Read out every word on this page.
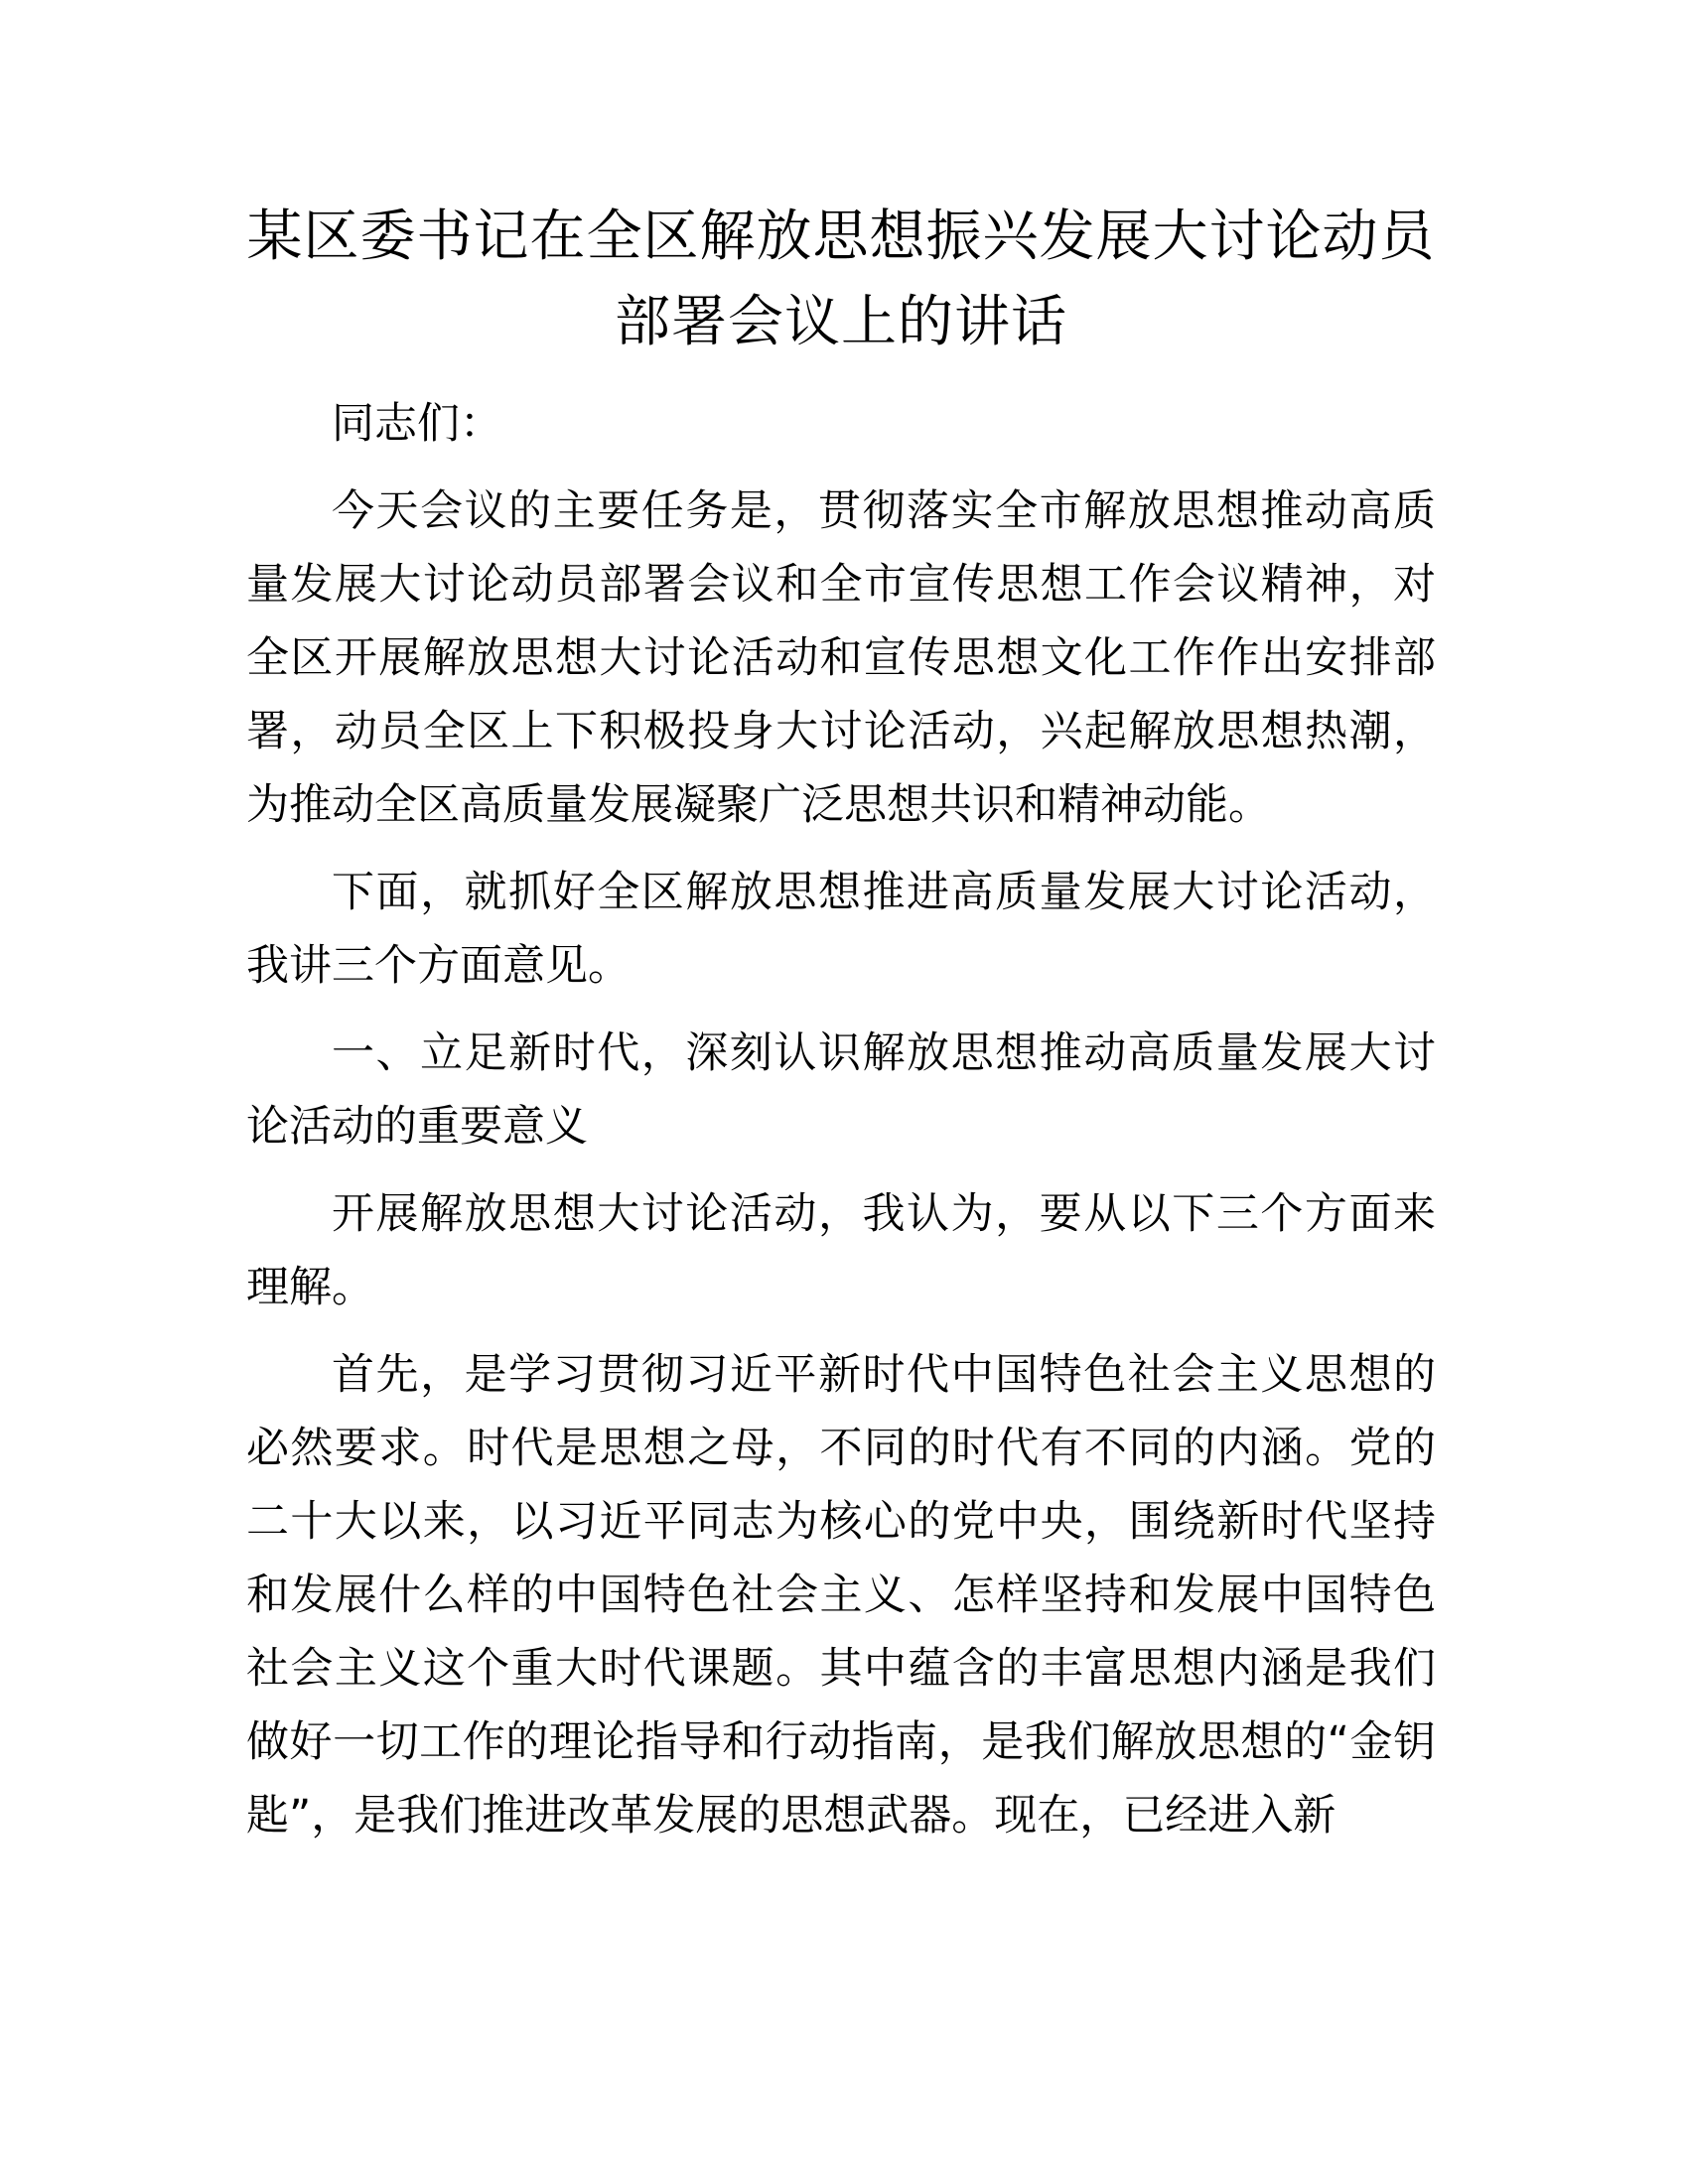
某区委书记在全区解放思想振兴发展大讨论动员部署会议上的讲话

同志们：

今天会议的主要任务是，贯彻落实全市解放思想推动高质量发展大讨论动员部署会议和全市宣传思想工作会议精神，对全区开展解放思想大讨论活动和宣传思想文化工作作出安排部署，动员全区上下积极投身大讨论活动，兴起解放思想热潮，为推动全区高质量发展凝聚广泛思想共识和精神动能。

下面，就抓好全区解放思想推进高质量发展大讨论活动，我讲三个方面意见。

一、立足新时代，深刻认识解放思想推动高质量发展大讨论活动的重要意义

开展解放思想大讨论活动，我认为，要从以下三个方面来理解。

首先，是学习贯彻习近平新时代中国特色社会主义思想的必然要求。时代是思想之母，不同的时代有不同的内涵。党的二十大以来，以习近平同志为核心的党中央，围绕新时代坚持和发展什么样的中国特色社会主义、怎样坚持和发展中国特色社会主义这个重大时代课题。其中蕴含的丰富思想内涵是我们做好一切工作的理论指导和行动指南，是我们解放思想的“金钥匙”，是我们推进改革发展的思想武器。现在，已经进入新
